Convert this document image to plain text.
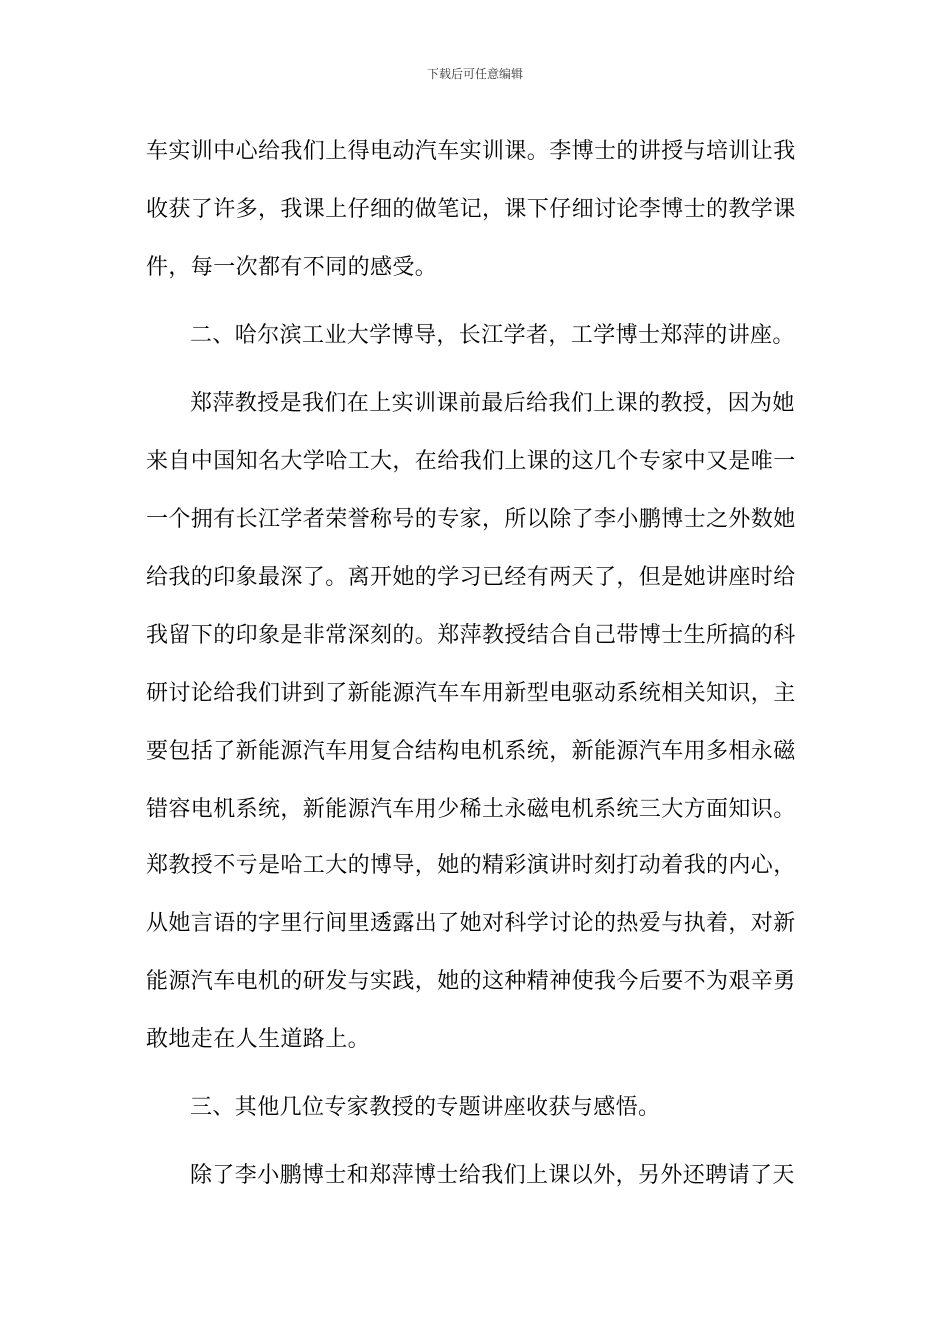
下载后可任意编辑
车实训中心给我们上得电动汽车实训课。李博士的讲授与培训让我
收获了许多，我课上仔细的做笔记，课下仔细讨论李博士的教学课
件，每一次都有不同的感受。
二、哈尔滨工业大学博导，长江学者，工学博士郑萍的讲座。
郑萍教授是我们在上实训课前最后给我们上课的教授，因为她
来自中国知名大学哈工大，在给我们上课的这几个专家中又是唯一
一个拥有长江学者荣誉称号的专家，所以除了李小鹏博士之外数她
给我的印象最深了。离开她的学习已经有两天了，但是她讲座时给
我留下的印象是非常深刻的。郑萍教授结合自己带博士生所搞的科
研讨论给我们讲到了新能源汽车车用新型电驱动系统相关知识，主
要包括了新能源汽车用复合结构电机系统，新能源汽车用多相永磁
错容电机系统，新能源汽车用少稀土永磁电机系统三大方面知识。
郑教授不亏是哈工大的博导，她的精彩演讲时刻打动着我的内心，
从她言语的字里行间里透露出了她对科学讨论的热爱与执着，对新
能源汽车电机的研发与实践，她的这种精神使我今后要不为艰辛勇
敢地走在人生道路上。
三、其他几位专家教授的专题讲座收获与感悟。
除了李小鹏博士和郑萍博士给我们上课以外，另外还聘请了天
